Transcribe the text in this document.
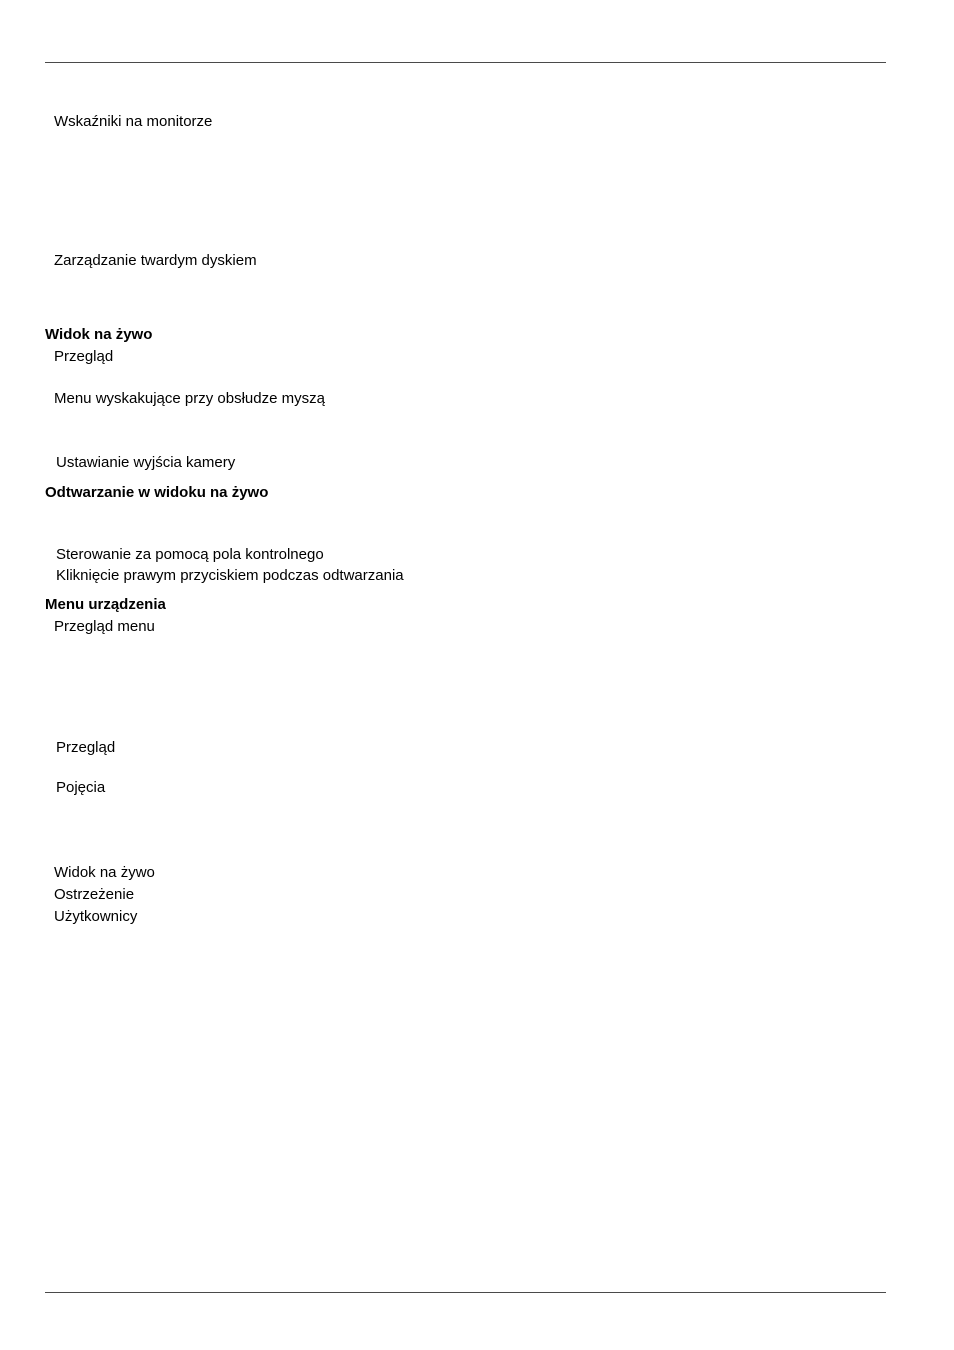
Wskaźniki na monitorze
Zarządzanie twardym dyskiem
Widok na żywo
Przegląd
Menu wyskakujące przy obsłudze myszą
Ustawianie wyjścia kamery
Odtwarzanie w widoku na żywo
Sterowanie za pomocą pola kontrolnego
Kliknięcie prawym przyciskiem podczas odtwarzania
Menu urządzenia
Przegląd menu
Przegląd
Pojęcia
Widok na żywo
Ostrzeżenie
Użytkownicy
